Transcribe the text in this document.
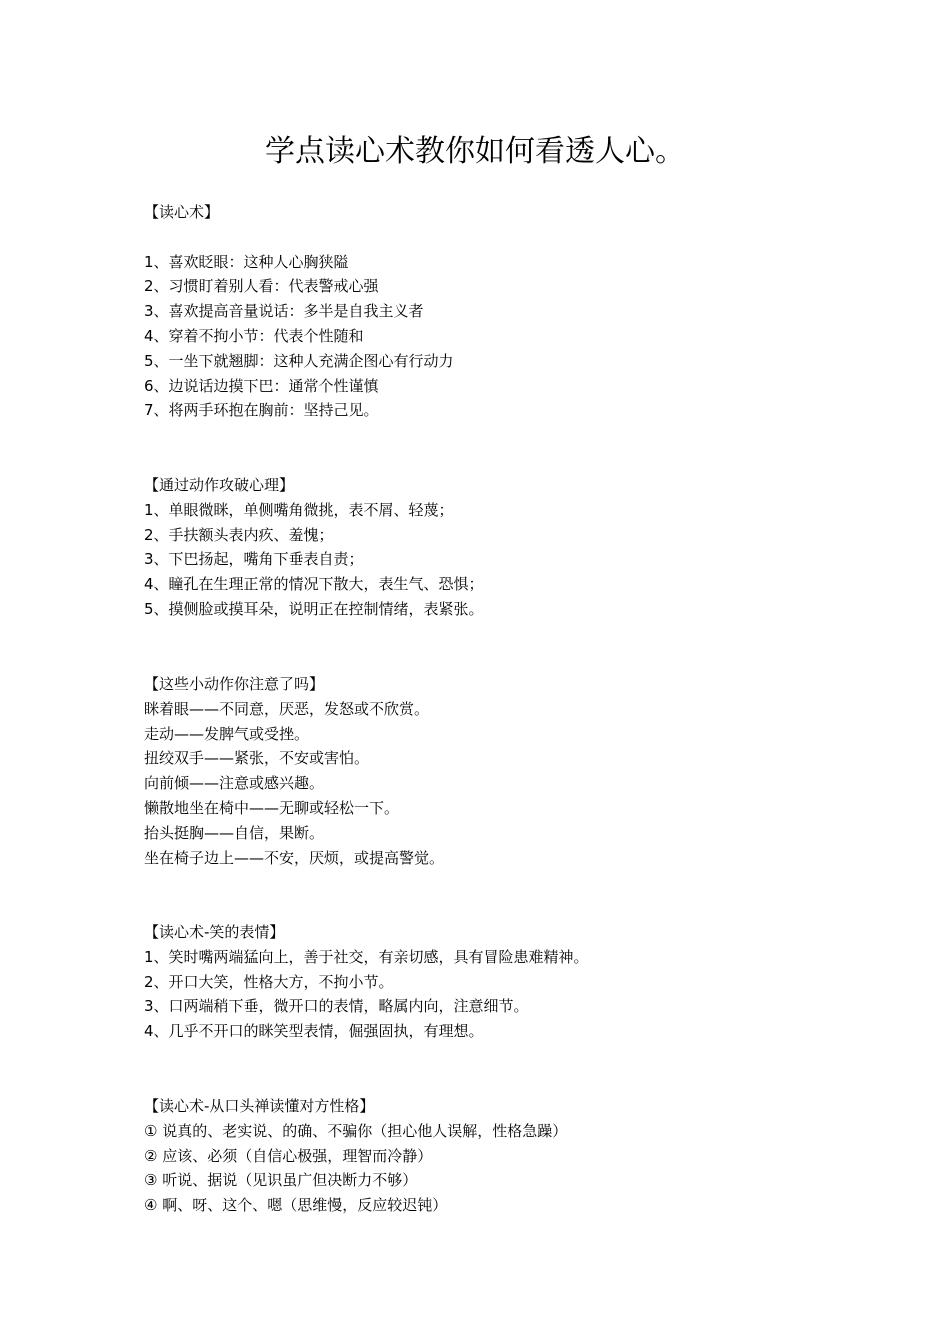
学点读心术教你如何看透人心。
【读心术】
1、喜欢眨眼：这种人心胸狭隘
2、习惯盯着别人看：代表警戒心强
3、喜欢提高音量说话：多半是自我主义者
4、穿着不拘小节：代表个性随和
5、一坐下就翘脚：这种人充满企图心有行动力
6、边说话边摸下巴：通常个性谨慎
7、将两手环抱在胸前：坚持己见。
【通过动作攻破心理】
1、单眼微眯，单侧嘴角微挑，表不屑、轻蔑；
2、手扶额头表内疚、羞愧；
3、下巴扬起，嘴角下垂表自责；
4、瞳孔在生理正常的情况下散大，表生气、恐惧；
5、摸侧脸或摸耳朵，说明正在控制情绪，表紧张。
【这些小动作你注意了吗】
眯着眼——不同意，厌恶，发怒或不欣赏。
走动——发脾气或受挫。
扭绞双手——紧张，不安或害怕。
向前倾——注意或感兴趣。
懒散地坐在椅中——无聊或轻松一下。
抬头挺胸——自信，果断。
坐在椅子边上——不安，厌烦，或提高警觉。
【读心术-笑的表情】
1、笑时嘴两端猛向上，善于社交，有亲切感，具有冒险患难精神。
2、开口大笑，性格大方，不拘小节。
3、口两端稍下垂，微开口的表情，略属内向，注意细节。
4、几乎不开口的眯笑型表情，倔强固执，有理想。
【读心术-从口头禅读懂对方性格】
① 说真的、老实说、的确、不骗你（担心他人误解，性格急躁）
② 应该、必须（自信心极强，理智而冷静）
③ 听说、据说（见识虽广但决断力不够）
④ 啊、呀、这个、嗯（思维慢，反应较迟钝）
